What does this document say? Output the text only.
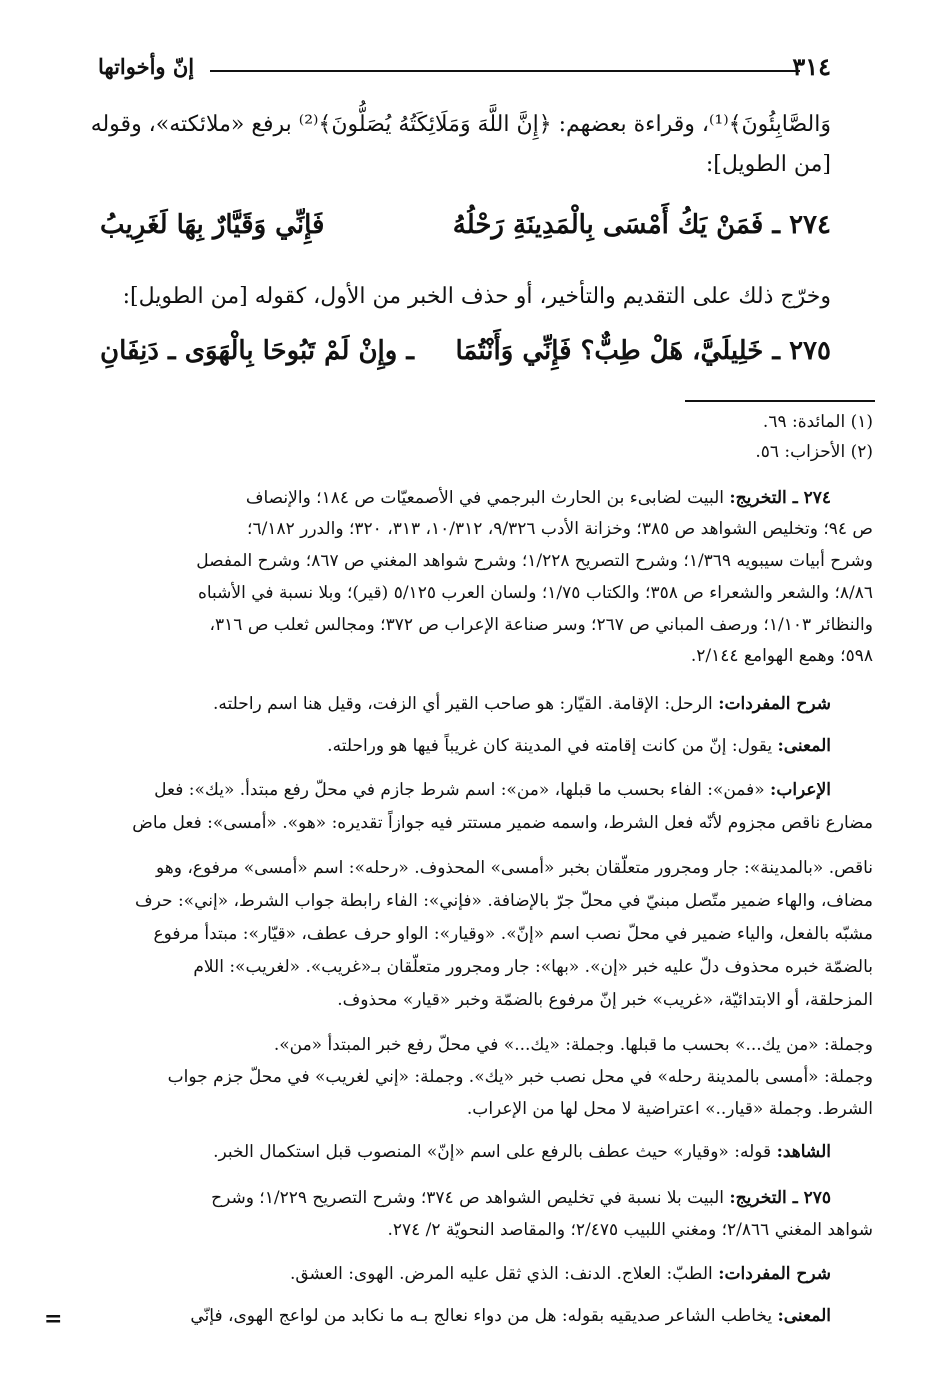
٣١٤
إنّ وأخواتها
وَالصَّابِئُونَ﴾⁽¹⁾، وقراءة بعضهم: ﴿إِنَّ اللَّهَ وَمَلَائِكَتُهُ يُصَلُّونَ﴾⁽²⁾ برفع «ملائكته»، وقوله
[من الطويل]:
٢٧٤ ـ فَمَنْ يَكُ أَمْسَى بِالْمَدِينَةِ رَحْلُهُ
فَإِنِّي وَقَيَّارٌ بِهَا لَغَرِيبُ
وخرّج ذلك على التقديم والتأخير، أو حذف الخبر من الأول، كقوله [من الطويل]:
٢٧٥ ـ خَلِيلَيَّ، هَلْ طِبٌّ؟ فَإِنِّي وَأَنْتُمَا
ـ وإِنْ لَمْ تَبُوحَا بِالْهَوَى ـ دَنِفَانِ
(١) المائدة: ٦٩.
(٢) الأحزاب: ٥٦.
٢٧٤ ـ التخريج: البيت لضابىء بن الحارث البرجمي في الأصمعيّات ص ١٨٤؛ والإنصاف
ص ٩٤؛ وتخليص الشواهد ص ٣٨٥؛ وخزانة الأدب ٩/٣٢٦، ١٠/٣١٢، ٣١٣، ٣٢٠؛ والدرر ٦/١٨٢؛
وشرح أبيات سيبويه ١/٣٦٩؛ وشرح التصريح ١/٢٢٨؛ وشرح شواهد المغني ص ٨٦٧؛ وشرح المفصل
٨/٨٦؛ والشعر والشعراء ص ٣٥٨؛ والكتاب ١/٧٥؛ ولسان العرب ٥/١٢٥ (قير)؛ وبلا نسبة في الأشباه
والنظائر ١/١٠٣؛ ورصف المباني ص ٢٦٧؛ وسر صناعة الإعراب ص ٣٧٢؛ ومجالس ثعلب ص ٣١٦،
٥٩٨؛ وهمع الهوامع ٢/١٤٤.
شرح المفردات: الرحل: الإقامة. القيّار: هو صاحب القير أي الزفت، وقيل هنا اسم راحلته.
المعنى: يقول: إنّ من كانت إقامته في المدينة كان غريباً فيها هو وراحلته.
الإعراب: «فمن»: الفاء بحسب ما قبلها، «من»: اسم شرط جازم في محلّ رفع مبتدأ. «يك»: فعل
مضارع ناقص مجزوم لأنّه فعل الشرط، واسمه ضمير مستتر فيه جوازاً تقديره: «هو». «أمسى»: فعل ماض
ناقص. «بالمدينة»: جار ومجرور متعلّقان بخبر «أمسى» المحذوف. «رحله»: اسم «أمسى» مرفوع، وهو
مضاف، والهاء ضمير متّصل مبنيّ في محلّ جرّ بالإضافة. «فإني»: الفاء رابطة جواب الشرط، «إني»: حرف
مشبّه بالفعل، والياء ضمير في محلّ نصب اسم «إنّ». «وقيار»: الواو حرف عطف، «قيّار»: مبتدأ مرفوع
بالضمّة خبره محذوف دلّ عليه خبر «إن». «بها»: جار ومجرور متعلّقان بـ«غريب». «لغريب»: اللام
المزحلقة، أو الابتدائيّة، «غريب» خبر إنّ مرفوع بالضمّة وخبر «قيار» محذوف.
وجملة: «من يك...» بحسب ما قبلها. وجملة: «يك...» في محلّ رفع خبر المبتدأ «من».
وجملة: «أمسى بالمدينة رحله» في محل نصب خبر «يك». وجملة: «إني لغريب» في محلّ جزم جواب
الشرط. وجملة «قيار..» اعتراضية لا محل لها من الإعراب.
الشاهد: قوله: «وقيار» حيث عطف بالرفع على اسم «إنّ» المنصوب قبل استكمال الخبر.
٢٧٥ ـ التخريج: البيت بلا نسبة في تخليص الشواهد ص ٣٧٤؛ وشرح التصريح ١/٢٢٩؛ وشرح
شواهد المغني ٢/٨٦٦؛ ومغني اللبيب ٢/٤٧٥؛ والمقاصد النحويّة ٢/ ٢٧٤.
شرح المفردات: الطبّ: العلاج. الدنف: الذي ثقل عليه المرض. الهوى: العشق.
المعنى: يخاطب الشاعر صديقيه بقوله: هل من دواء نعالج بـه ما نكابد من لواعج الهوى، فإنّي
=
